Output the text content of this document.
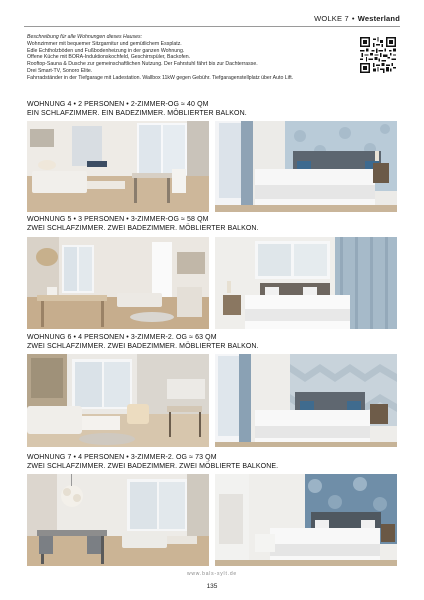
WOLKE 7 • Westerland
Beschreibung für alle Wohnungen dieses Hauses:
Wohnzimmer mit bequemer Sitzgarnitur und gemütlichem Essplatz.
Edle Echtholzböden und Fußbodenheizung in der ganzen Wohnung.
Offene Küche mit BORA-Induktionskochfeld, Geschirrspüler, Backofen.
Rooftop-Sauna & Dusche zur gemeinschaftlichen Nutzung. Der Fahrstuhl fährt bis zur Dachterrasse.
Drei Smart-TV, Sonoro Elite.
Fahrradständer in der Tiefgarage mit Ladestation. Wallbox 11kW gegen Gebühr. Tiefgaragenstellplatz über Auto Lift.
WOHNUNG 4 • 2 PERSONEN • 2-ZIMMER-OG ≈ 40 QM
EIN SCHLAFZIMMER. EIN BADEZIMMER. MÖBLIERTER BALKON.
WOHNUNG 5 • 3 PERSONEN • 3-ZIMMER-OG ≈ 58 QM
ZWEI SCHLAFZIMMER. ZWEI BADEZIMMER. MÖBLIERTER BALKON.
WOHNUNG 6 • 4 PERSONEN • 3-ZIMMER-2. OG ≈ 63 QM
ZWEI SCHLAFZIMMER. ZWEI BADEZIMMER. MÖBLIERTER BALKON.
WOHNUNG 7 • 4 PERSONEN • 3-ZIMMER-2. OG ≈ 73 QM
ZWEI SCHLAFZIMMER. ZWEI BADEZIMMER. ZWEI MÖBLIERTE BALKONE.
www.bals-sylt.de
135
